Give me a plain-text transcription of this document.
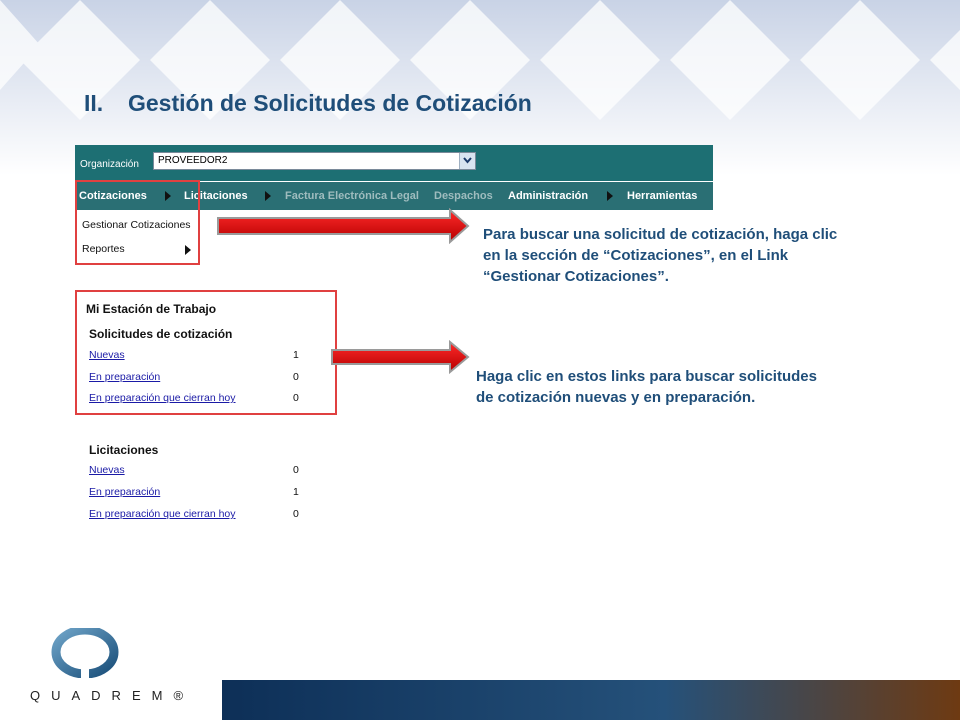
II. Gestión de Solicitudes de Cotización
Organización PROVEEDOR2
Cotizaciones	Licitaciones	Factura Electrónica Legal Despachos Administración	Herramientas
Gestionar Cotizaciones
Reportes
Para buscar una solicitud de cotización, haga clic
en la sección de “Cotizaciones”, en el Link
“Gestionar Cotizaciones”.
Mi Estación de Trabajo
Solicitudes de cotización
Nuevas	1
En preparación	0
En preparación que cierran hoy	0
Haga clic en estos links para buscar solicitudes
de cotización nuevas y en preparación.
Licitaciones
Nuevas	0
En preparación	1
En preparación que cierran hoy	0
QUADREM®
